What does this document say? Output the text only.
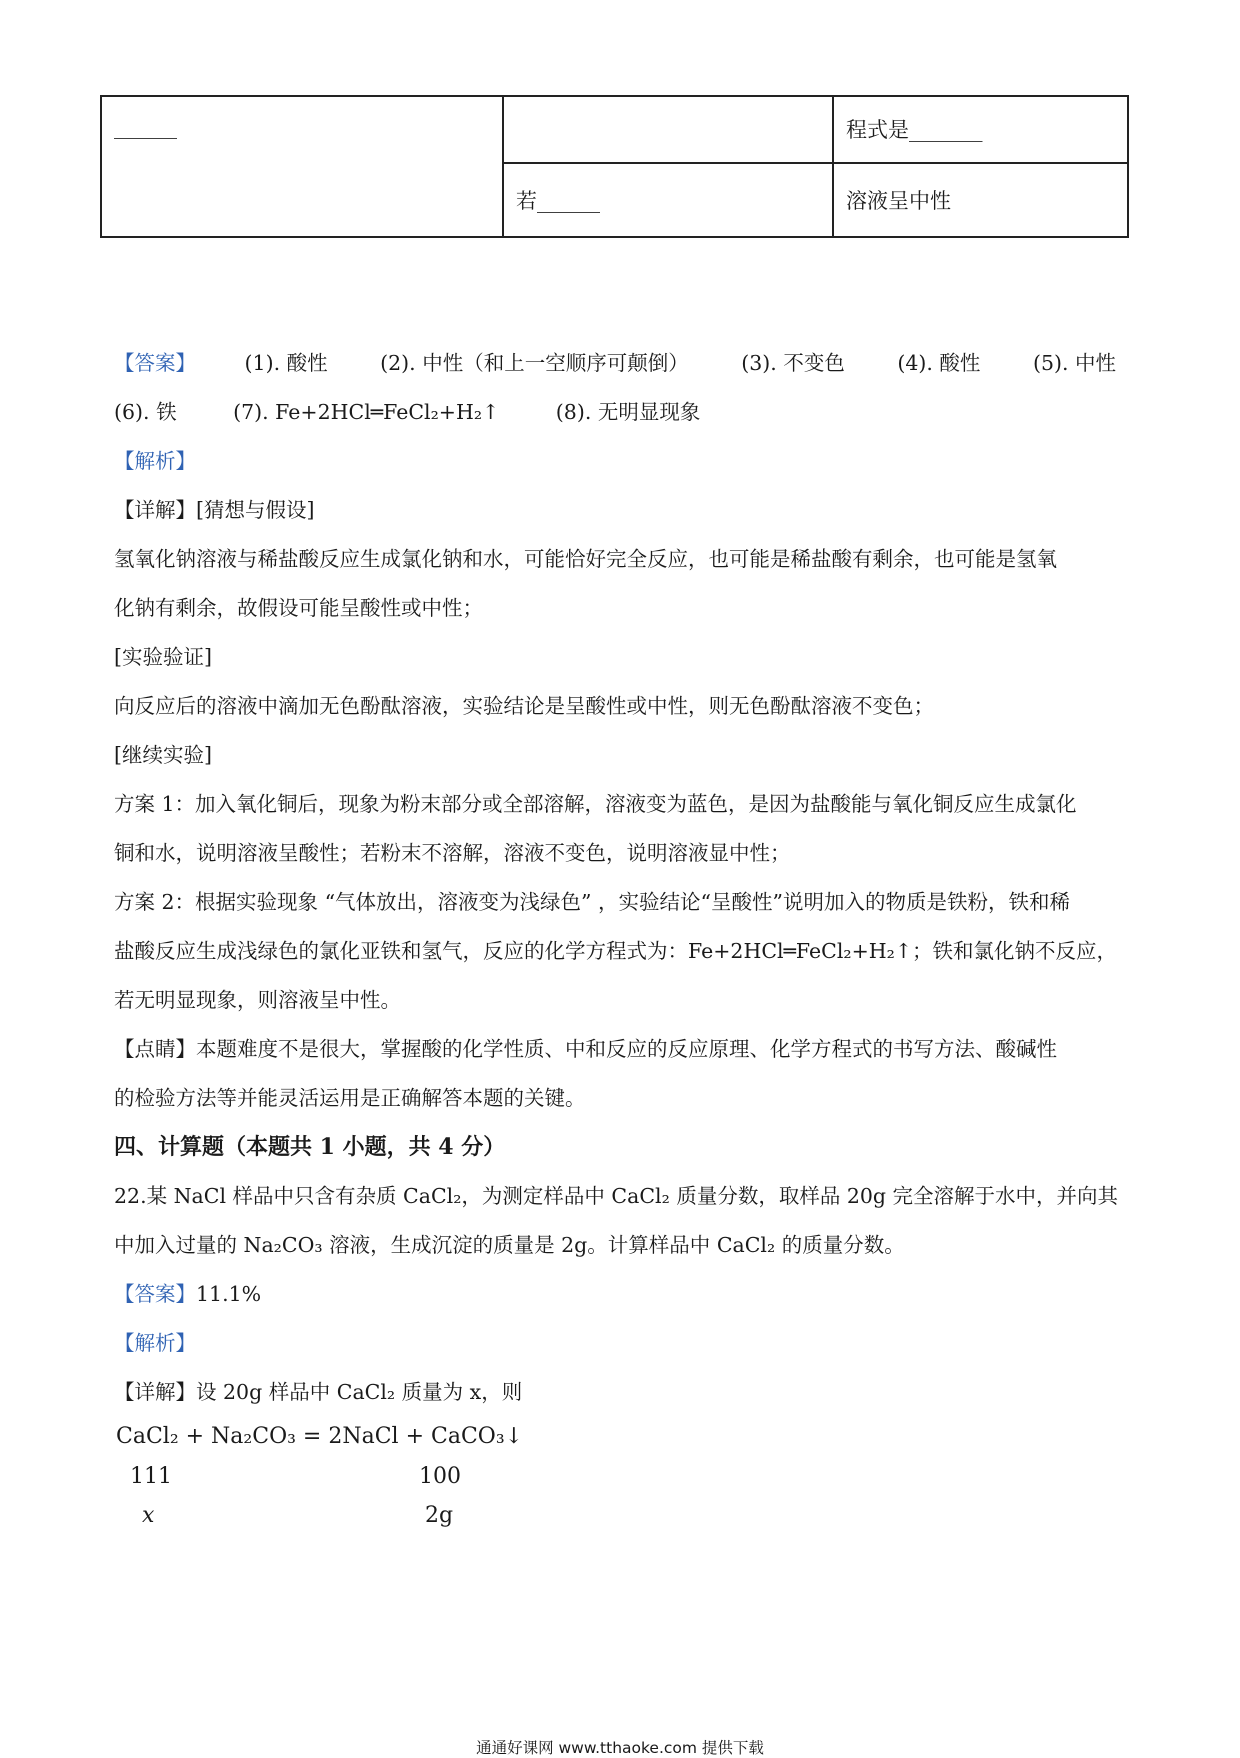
______		程式是_______
	若______	溶液呈中性
【答案】 (1). 酸性	(2). 中性（和上一空顺序可颠倒）	(3). 不变色	(4). 酸性	(5). 中性
(6). 铁	(7). Fe+2HCl═FeCl₂+H₂↑	(8). 无明显现象
【解析】
【详解】[猜想与假设]
氢氧化钠溶液与稀盐酸反应生成氯化钠和水，可能恰好完全反应，也可能是稀盐酸有剩余，也可能是氢氧
化钠有剩余，故假设可能呈酸性或中性；
[实验验证]
向反应后的溶液中滴加无色酚酞溶液，实验结论是呈酸性或中性，则无色酚酞溶液不变色；
[继续实验]
方案 1：加入氧化铜后，现象为粉末部分或全部溶解，溶液变为蓝色，是因为盐酸能与氧化铜反应生成氯化
铜和水，说明溶液呈酸性；若粉末不溶解，溶液不变色，说明溶液显中性；
方案 2：根据实验现象 “气体放出，溶液变为浅绿色” ，实验结论“呈酸性”说明加入的物质是铁粉，铁和稀
盐酸反应生成浅绿色的氯化亚铁和氢气，反应的化学方程式为：Fe+2HCl═FeCl₂+H₂↑；铁和氯化钠不反应，
若无明显现象，则溶液呈中性。
【点睛】本题难度不是很大，掌握酸的化学性质、中和反应的反应原理、化学方程式的书写方法、酸碱性
的检验方法等并能灵活运用是正确解答本题的关键。
四、计算题（本题共 1 小题，共 4 分）
22.某 NaCl 样品中只含有杂质 CaCl₂，为测定样品中 CaCl₂ 质量分数，取样品 20g 完全溶解于水中，并向其
中加入过量的 Na₂CO₃ 溶液，生成沉淀的质量是 2g。计算样品中 CaCl₂ 的质量分数。
【答案】11.1%
【解析】
【详解】设 20g 样品中 CaCl₂ 质量为 x，则
CaCl₂ + Na₂CO₃ = 2NaCl + CaCO₃↓
111	100
x	2g
通通好课网 www.tthaoke.com 提供下载
